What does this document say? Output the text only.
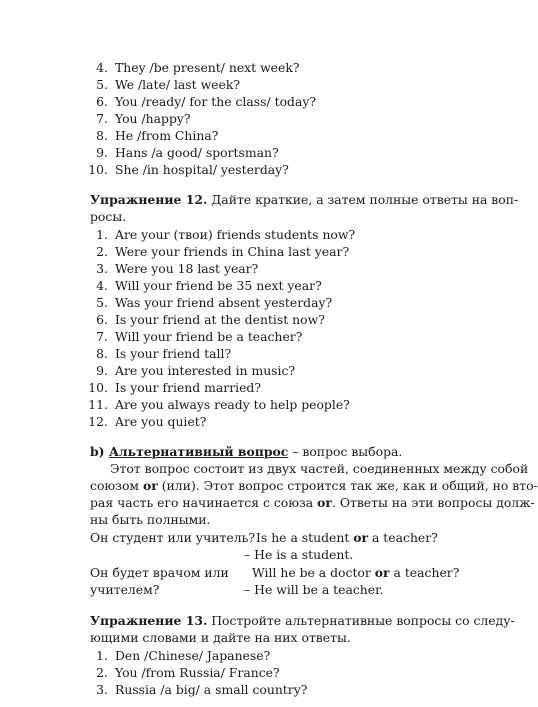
4. They /be present/ next week?
5. We /late/ last week?
6. You /ready/ for the class/ today?
7. You /happy?
8. He /from China?
9. Hans /a good/ sportsman?
10. She /in hospital/ yesterday?
Упражнение 12. Дайте краткие, а затем полные ответы на воп-
росы.
1. Are your (твои) friends students now?
2. Were your friends in China last year?
3. Were you 18 last year?
4. Will your friend be 35 next year?
5. Was your friend absent yesterday?
6. Is your friend at the dentist now?
7. Will your friend be a teacher?
8. Is your friend tall?
9. Are you interested in music?
10. Is your friend married?
11. Are you always ready to help people?
12. Are you quiet?
b) Альтернативный вопрос – вопрос выбора.
Этот вопрос состоит из двух частей, соединенных между собой
союзом or (или). Этот вопрос строится так же, как и общий, но вто-
рая часть его начинается с союза or. Ответы на эти вопросы долж-
ны быть полными.
Он студент или учитель? Is he a student or a teacher?
– He is a student.
Он будет врачом или Will he be a doctor or a teacher?
учителем?	– He will be a teacher.
Упражнение 13. Постройте альтернативные вопросы со следу-
ющими словами и дайте на них ответы.
1. Den /Chinese/ Japanese?
2. You /from Russia/ France?
3. Russia /a big/ a small country?
